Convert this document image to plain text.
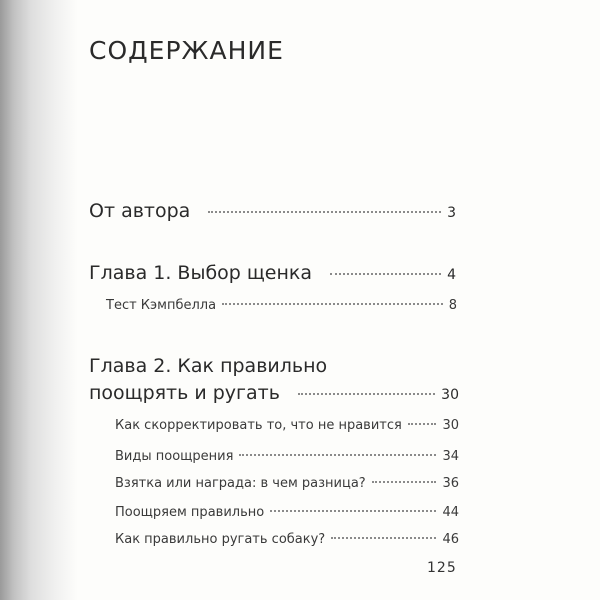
СОДЕРЖАНИЕ
От автора	3
Глава 1. Выбор щенка	4
Тест Кэмпбелла	8
Глава 2. Как правильно
поощрять и ругать	30
Как скорректировать то, что не нравится	30
Виды поощрения	34
Взятка или награда: в чем разница?	36
Поощряем правильно	44
Как правильно ругать собаку?	46
125
